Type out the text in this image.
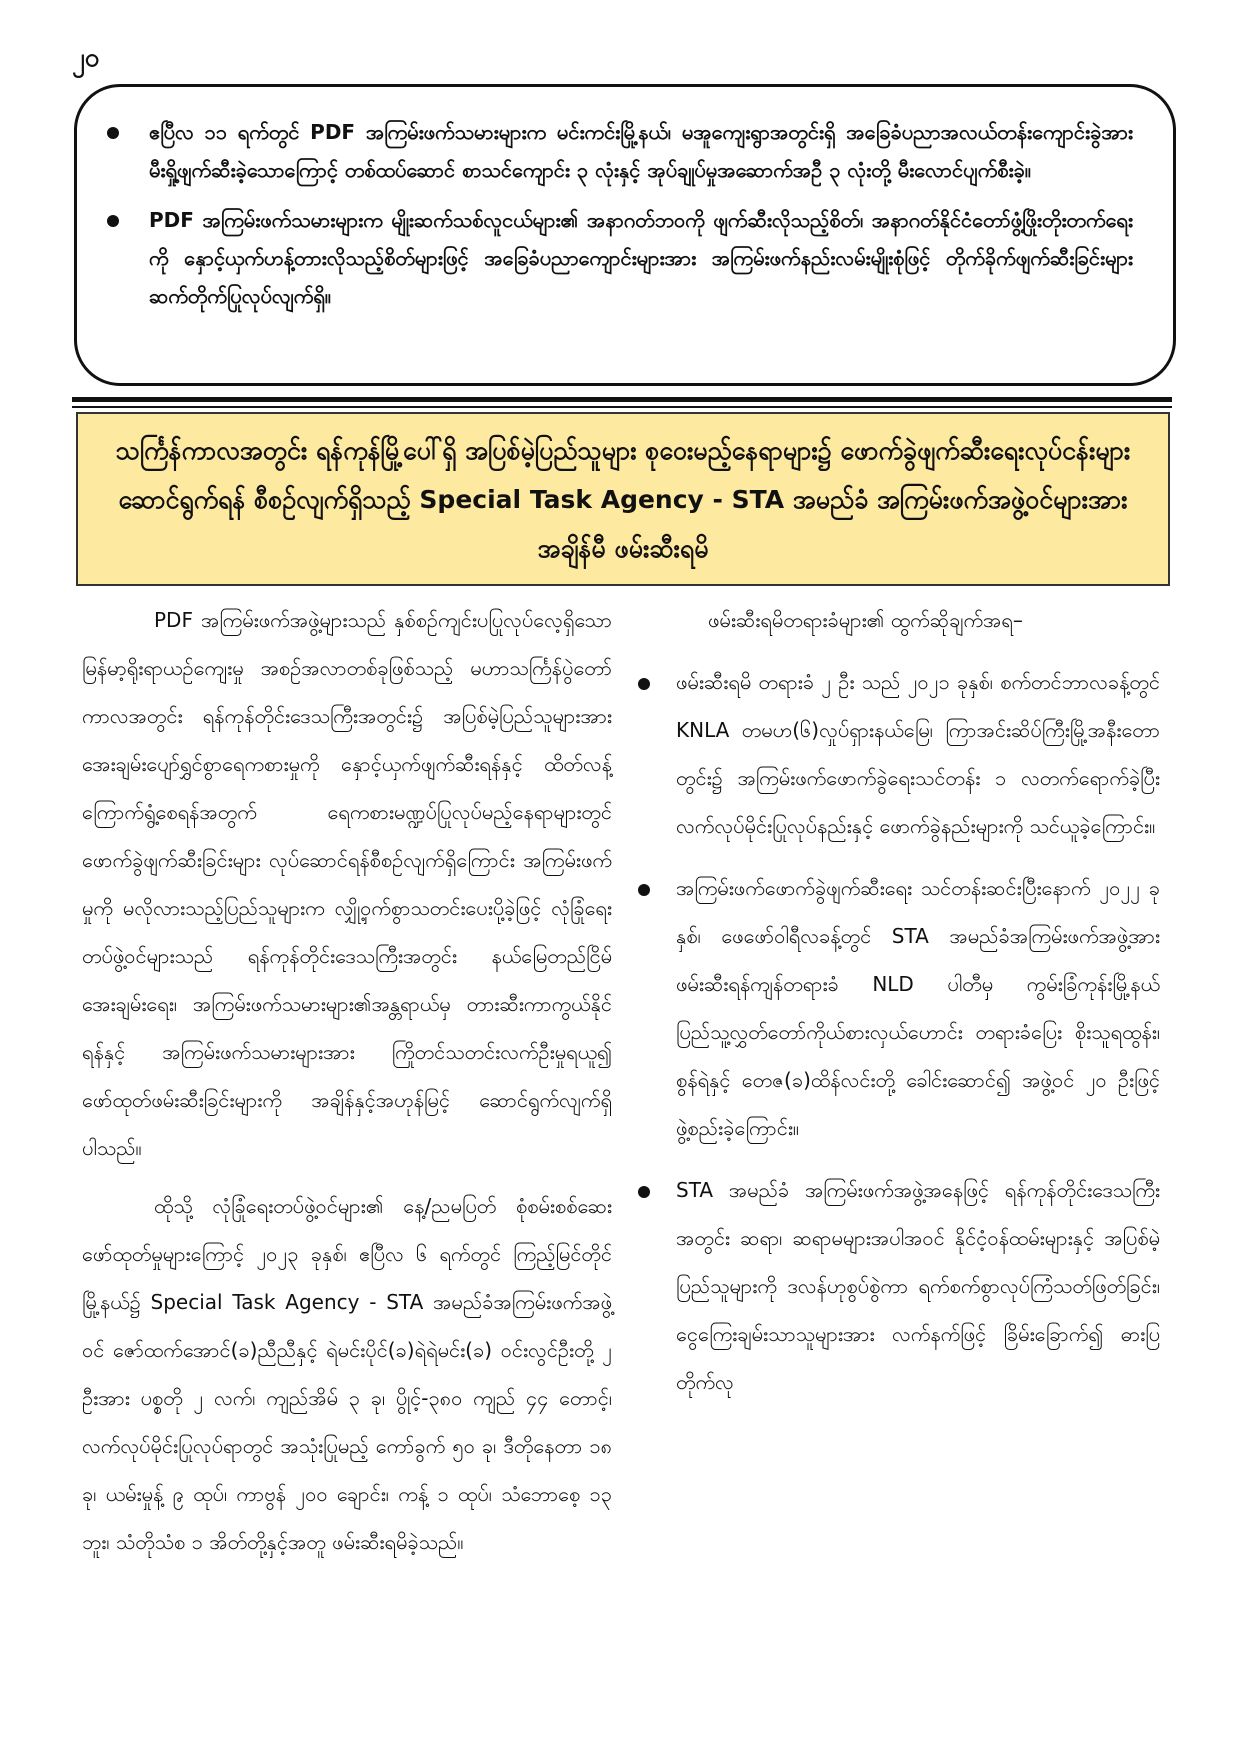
၂၀
ဧပြီလ ၁၁ ရက်တွင် PDF အကြမ်းဖက်သမားများက မင်းကင်းမြို့နယ်၊ မအူကျေးရွာအတွင်းရှိ အခြေခံပညာအလယ်တန်းကျောင်းခွဲအား မီးရှို့ဖျက်ဆီးခဲ့သောကြောင့် တစ်ထပ်ဆောင် စာသင်ကျောင်း ၃ လုံးနှင့် အုပ်ချုပ်မှုအဆောက်အဦ ၃ လုံးတို့ မီးလောင်ပျက်စီးခဲ့။
PDF အကြမ်းဖက်သမားများက မျိုးဆက်သစ်လူငယ်များ၏ အနာဂတ်ဘဝကို ဖျက်ဆီးလိုသည့်စိတ်၊ အနာဂတ်နိုင်ငံတော်ဖွံ့ဖြိုးတိုးတက်ရေးကို နှောင့်ယှက်ဟန့်တားလိုသည့်စိတ်များဖြင့် အခြေခံပညာကျောင်းများအား အကြမ်းဖက်နည်းလမ်းမျိုးစုံဖြင့် တိုက်ခိုက်ဖျက်ဆီးခြင်းများ ဆက်တိုက်ပြုလုပ်လျက်ရှိ။
သင်္ကြန်ကာလအတွင်း ရန်ကုန်မြို့ပေါ်ရှိ အပြစ်မဲ့ပြည်သူများ စုဝေးမည့်နေရာများ၌ ဖောက်ခွဲဖျက်ဆီးရေးလုပ်ငန်းများဆောင်ရွက်ရန် စီစဉ်လျက်ရှိသည့် Special Task Agency - STA အမည်ခံ အကြမ်းဖက်အဖွဲ့ဝင်များအား အချိန်မီ ဖမ်းဆီးရမိ

PDF အကြမ်းဖက်အဖွဲ့များသည် နှစ်စဉ်ကျင်းပပြုလုပ်လေ့ရှိသော မြန်မာ့ရိုးရာယဉ်ကျေးမှု အစဉ်အလာတစ်ခုဖြစ်သည့် မဟာသင်္ကြန်ပွဲတော်ကာလအတွင်း ရန်ကုန်တိုင်းဒေသကြီးအတွင်း၌ အပြစ်မဲ့ပြည်သူများအား အေးချမ်းပျော်ရွှင်စွာရေကစားမှုကို နှောင့်ယှက်ဖျက်ဆီးရန်နှင့် ထိတ်လန့်ကြောက်ရွံ့စေရန်အတွက် ရေကစားမဏ္ဍပ်ပြုလုပ်မည့်နေရာများတွင် ဖောက်ခွဲဖျက်ဆီးခြင်းများ လုပ်ဆောင်ရန်စီစဉ်လျက်ရှိကြောင်း အကြမ်းဖက်မှုကို မလိုလားသည့်ပြည်သူများက လျှို့ဝှက်စွာသတင်းပေးပို့ခဲ့ဖြင့် လုံခြုံရေးတပ်ဖွဲ့ဝင်များသည် ရန်ကုန်တိုင်းဒေသကြီးအတွင်း နယ်မြေတည်ငြိမ်အေးချမ်းရေး၊ အကြမ်းဖက်သမားများ၏အန္တရာယ်မှ တားဆီးကာကွယ်နိုင်ရန်နှင့် အကြမ်းဖက်သမားများအား ကြိုတင်သတင်းလက်ဦးမှုရယူ၍ ဖော်ထုတ်ဖမ်းဆီးခြင်းများကို အချိန်နှင့်အဟုန်မြင့် ဆောင်ရွက်လျက်ရှိပါသည်။

ထိုသို့ လုံခြုံရေးတပ်ဖွဲ့ဝင်များ၏ နေ့/ညမပြတ် စုံစမ်းစစ်ဆေးဖော်ထုတ်မှုများကြောင့် ၂၀၂၃ ခုနှစ်၊ ဧပြီလ ၆ ရက်တွင် ကြည့်မြင်တိုင်မြို့နယ်၌ Special Task Agency - STA အမည်ခံအကြမ်းဖက်အဖွဲ့ဝင် ဇော်ထက်အောင်(ခ)ညီညီနှင့် ရဲမင်းပိုင်(ခ)ရဲရဲမင်း(ခ) ဝင်းလွင်ဦးတို့ ၂ ဦးအား ပစ္စတို ၂ လက်၊ ကျည်အိမ် ၃ ခု၊ ပွိုင့်-၃၈၀ ကျည် ၄၄ တောင့်၊ လက်လုပ်မိုင်းပြုလုပ်ရာတွင် အသုံးပြုမည့် ကော်ခွက် ၅၀ ခု၊ ဒီတိုနေတာ ၁၈ ခု၊ ယမ်းမှုန့် ၉ ထုပ်၊ ကာဗွန် ၂၀၀ ချောင်း၊ ကန့် ၁ ထုပ်၊ သံဘောစေ့ ၁၃ ဘူး၊ သံတိုသံစ ၁ အိတ်တို့နှင့်အတူ ဖမ်းဆီးရမိခဲ့သည်။

ဖမ်းဆီးရမိတရားခံများ၏ ထွက်ဆိုချက်အရ–

ဖမ်းဆီးရမိ တရားခံ ၂ ဦး သည် ၂၀၂၁ ခုနှစ်၊ စက်တင်ဘာလခန့်တွင် KNLA တမဟ(၆)လှုပ်ရှားနယ်မြေ၊ ကြာအင်းဆိပ်ကြီးမြို့အနီးတောတွင်း၌ အကြမ်းဖက်ဖောက်ခွဲရေးသင်တန်း ၁ လတက်ရောက်ခဲ့ပြီး လက်လုပ်မိုင်းပြုလုပ်နည်းနှင့် ဖောက်ခွဲနည်းများကို သင်ယူခဲ့ကြောင်း။
အကြမ်းဖက်ဖောက်ခွဲဖျက်ဆီးရေး သင်တန်းဆင်းပြီးနောက် ၂၀၂၂ ခုနှစ်၊ ဖေဖော်ဝါရီလခန့်တွင် STA အမည်ခံအကြမ်းဖက်အဖွဲ့အား ဖမ်းဆီးရန်ကျန်တရားခံ NLD ပါတီမှ ကွမ်းခြံကုန်းမြို့နယ် ပြည်သူ့လွှတ်တော်ကိုယ်စားလှယ်ဟောင်း တရားခံပြေး စိုးသူရထွန်း၊ စွန်ရဲနှင့် တေဇ(ခ)ထိန်လင်းတို့ ခေါင်းဆောင်၍ အဖွဲ့ဝင် ၂၀ ဦးဖြင့် ဖွဲ့စည်းခဲ့ကြောင်း။
STA အမည်ခံ အကြမ်းဖက်အဖွဲ့အနေဖြင့် ရန်ကုန်တိုင်းဒေသကြီးအတွင်း ဆရာ၊ ဆရာမများအပါအဝင် နိုင်ငံ့ဝန်ထမ်းများနှင့် အပြစ်မဲ့ပြည်သူများကို ဒလန်ဟုစွပ်စွဲကာ ရက်စက်စွာလုပ်ကြံသတ်ဖြတ်ခြင်း၊ ငွေကြေးချမ်းသာသူများအား လက်နက်ဖြင့် ခြိမ်းခြောက်၍ ဓားပြတိုက်လု
